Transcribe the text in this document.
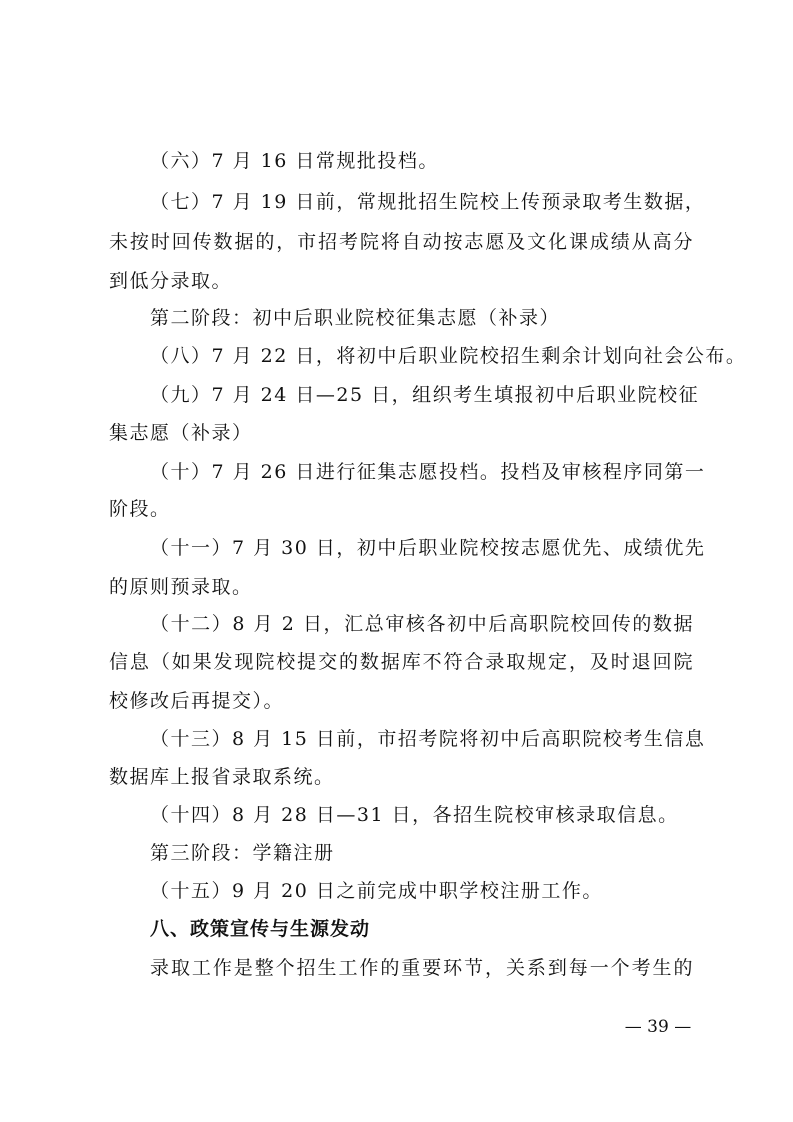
（六）7 月 16 日常规批投档。
（七）7 月 19 日前，常规批招生院校上传预录取考生数据，
未按时回传数据的，市招考院将自动按志愿及文化课成绩从高分
到低分录取。
第二阶段：初中后职业院校征集志愿（补录）
（八）7 月 22 日，将初中后职业院校招生剩余计划向社会公布。
（九）7 月 24 日—25 日，组织考生填报初中后职业院校征
集志愿（补录）
（十）7 月 26 日进行征集志愿投档。投档及审核程序同第一
阶段。
（十一）7 月 30 日，初中后职业院校按志愿优先、成绩优先
的原则预录取。
（十二）8 月 2 日，汇总审核各初中后高职院校回传的数据
信息（如果发现院校提交的数据库不符合录取规定，及时退回院
校修改后再提交）。
（十三）8 月 15 日前，市招考院将初中后高职院校考生信息
数据库上报省录取系统。
（十四）8 月 28 日—31 日，各招生院校审核录取信息。
第三阶段：学籍注册
（十五）9 月 20 日之前完成中职学校注册工作。
八、政策宣传与生源发动
录取工作是整个招生工作的重要环节，关系到每一个考生的
— 39 —
